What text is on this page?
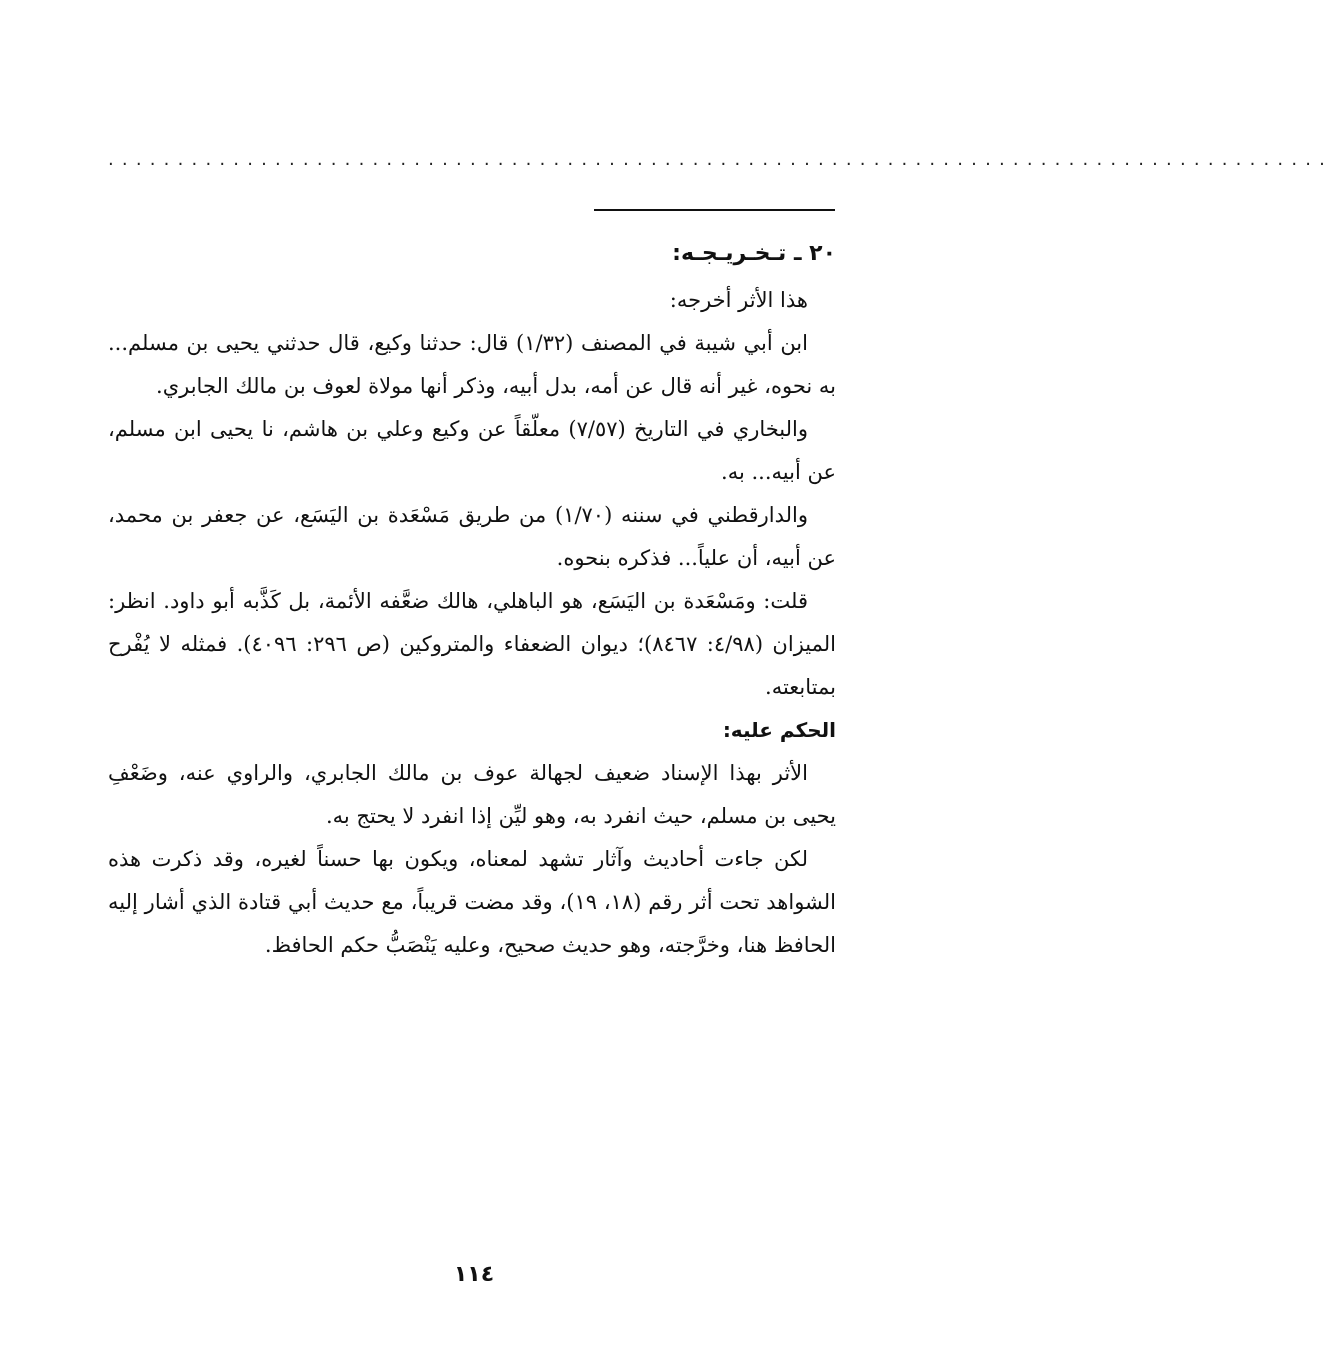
........................................................................................

٢٠ ـ تـخـريـجـه:

هذا الأثر أخرجه:

ابن أبي شيبة في المصنف (١/٣٢) قال: حدثنا وكيع، قال حدثني يحيى بن مسلم... به نحوه، غير أنه قال عن أمه، بدل أبيه، وذكر أنها مولاة لعوف بن مالك الجابري.

والبخاري في التاريخ (٧/٥٧) معلّقاً عن وكيع وعلي بن هاشم، نا يحيى ابن مسلم، عن أبيه... به.

والدارقطني في سننه (١/٧٠) من طريق مَسْعَدة بن اليَسَع، عن جعفر بن محمد، عن أبيه، أن علياً... فذكره بنحوه.

قلت: ومَسْعَدة بن اليَسَع، هو الباهلي، هالك ضعَّفه الأئمة، بل كَذَّبه أبو داود. انظر: الميزان (٤/٩٨: ٨٤٦٧)؛ ديوان الضعفاء والمتروكين (ص ٢٩٦: ٤٠٩٦). فمثله لا يُفْرح بمتابعته.

الحكم عليه:

الأثر بهذا الإسناد ضعيف لجهالة عوف بن مالك الجابري، والراوي عنه، وضَعْفِ يحيى بن مسلم، حيث انفرد به، وهو ليِّن إذا انفرد لا يحتج به.

لكن جاءت أحاديث وآثار تشهد لمعناه، ويكون بها حسناً لغيره، وقد ذكرت هذه الشواهد تحت أثر رقم (١٨، ١٩)، وقد مضت قريباً، مع حديث أبي قتادة الذي أشار إليه الحافظ هنا، وخرَّجته، وهو حديث صحيح، وعليه يَنْصَبُّ حكم الحافظ.

١١٤
